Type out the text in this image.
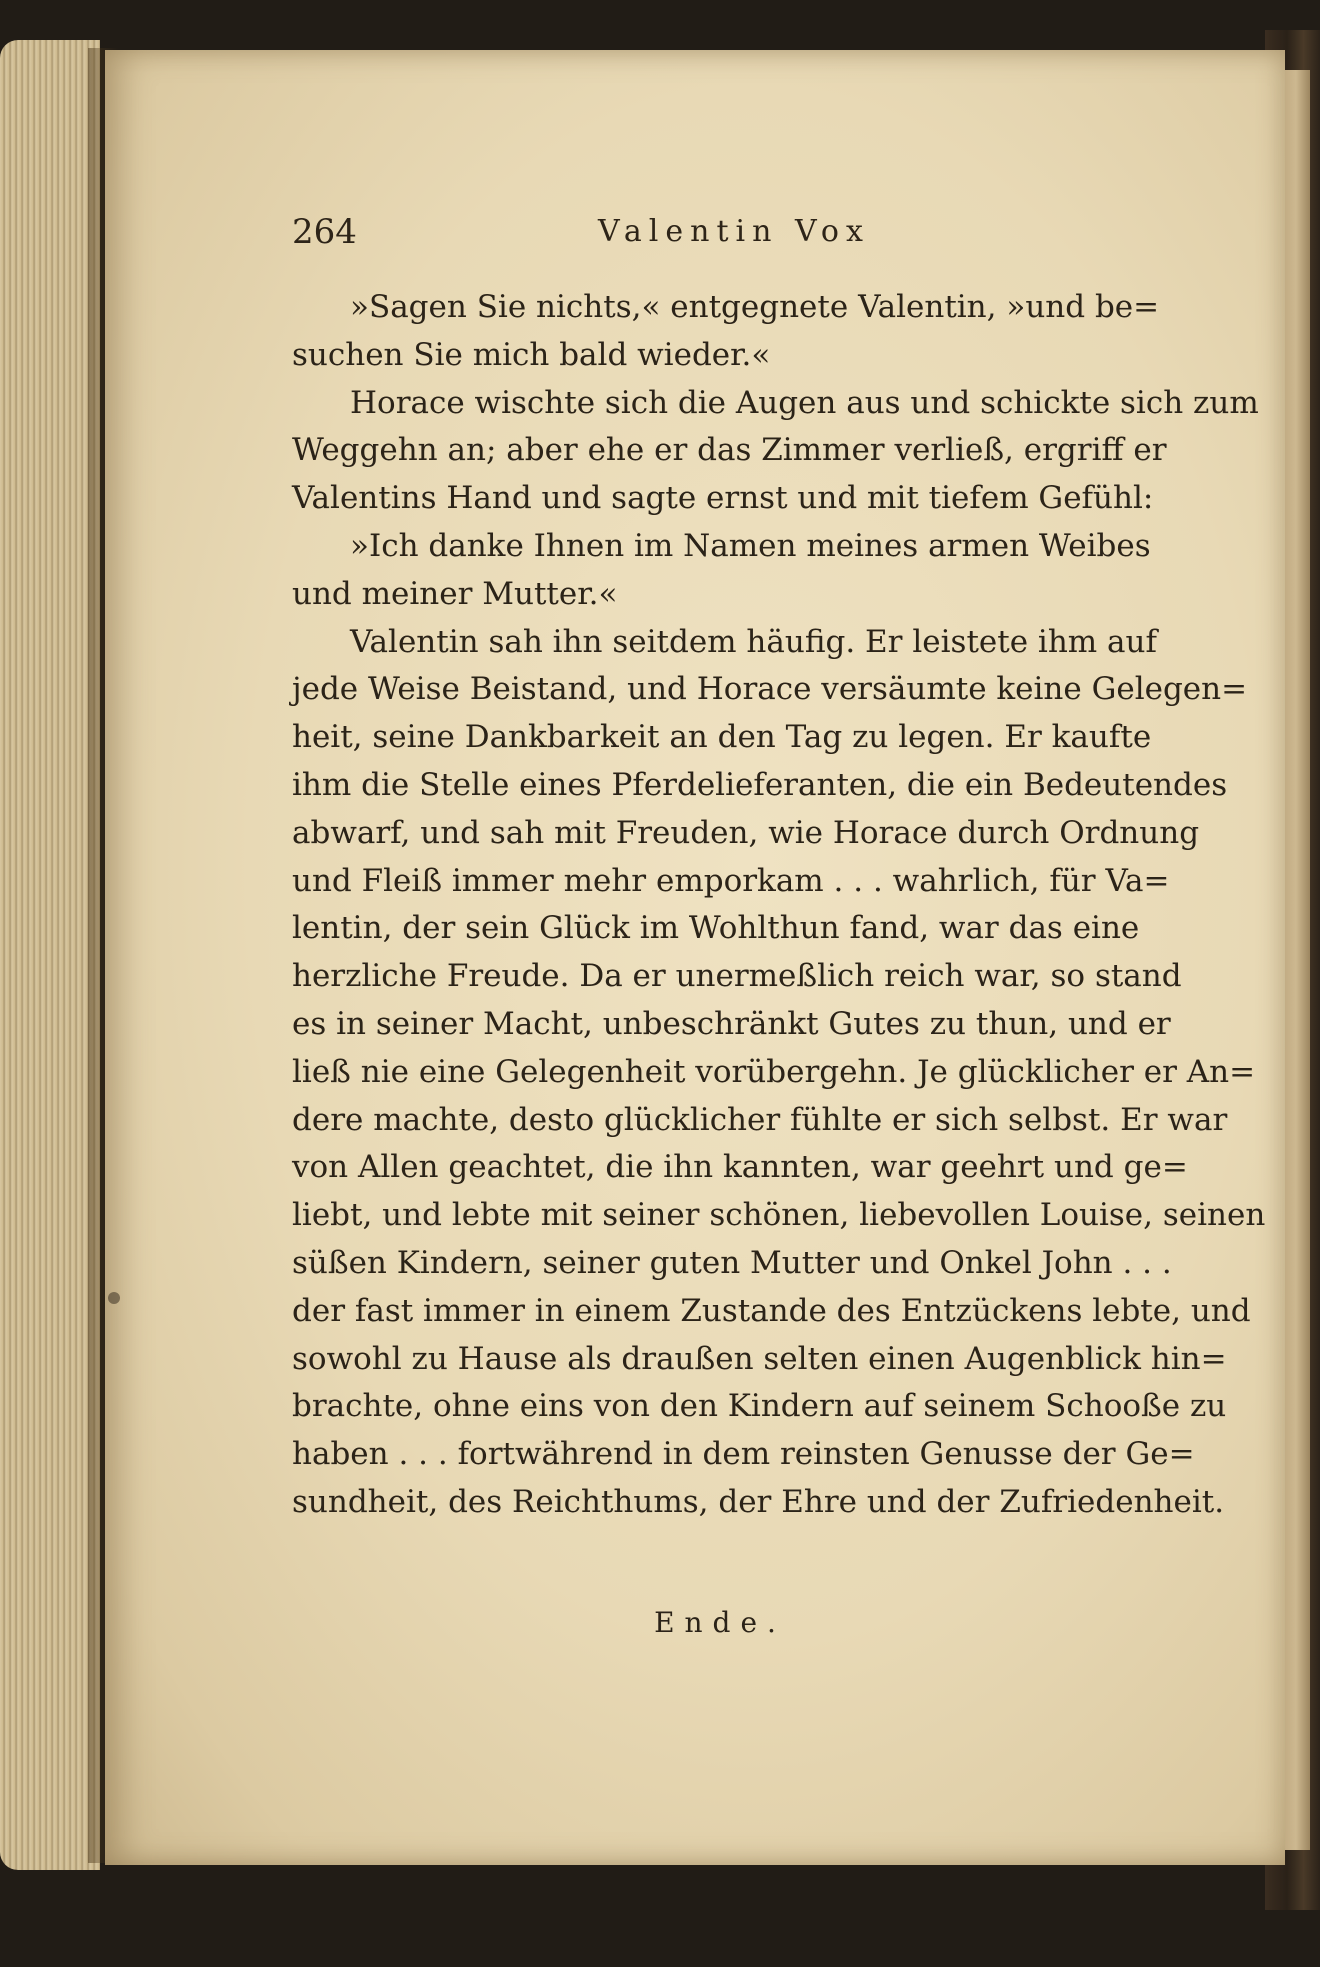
264	Valentin Vox
»Sagen Sie nichts,« entgegnete Valentin, »und be=
suchen Sie mich bald wieder.«
Horace wischte sich die Augen aus und schickte sich zum
Weggehn an; aber ehe er das Zimmer verließ, ergriff er
Valentins Hand und sagte ernst und mit tiefem Gefühl:
»Ich danke Ihnen im Namen meines armen Weibes
und meiner Mutter.«
Valentin sah ihn seitdem häufig. Er leistete ihm auf
jede Weise Beistand, und Horace versäumte keine Gelegen=
heit, seine Dankbarkeit an den Tag zu legen. Er kaufte
ihm die Stelle eines Pferdelieferanten, die ein Bedeutendes
abwarf, und sah mit Freuden, wie Horace durch Ordnung
und Fleiß immer mehr emporkam . . . wahrlich, für Va=
lentin, der sein Glück im Wohlthun fand, war das eine
herzliche Freude. Da er unermeßlich reich war, so stand
es in seiner Macht, unbeschränkt Gutes zu thun, und er
ließ nie eine Gelegenheit vorübergehn. Je glücklicher er An=
dere machte, desto glücklicher fühlte er sich selbst. Er war
von Allen geachtet, die ihn kannten, war geehrt und ge=
liebt, und lebte mit seiner schönen, liebevollen Louise, seinen
süßen Kindern, seiner guten Mutter und Onkel John . . .
der fast immer in einem Zustande des Entzückens lebte, und
sowohl zu Hause als draußen selten einen Augenblick hin=
brachte, ohne eins von den Kindern auf seinem Schooße zu
haben . . . fortwährend in dem reinsten Genusse der Ge=
sundheit, des Reichthums, der Ehre und der Zufriedenheit.
Ende.
